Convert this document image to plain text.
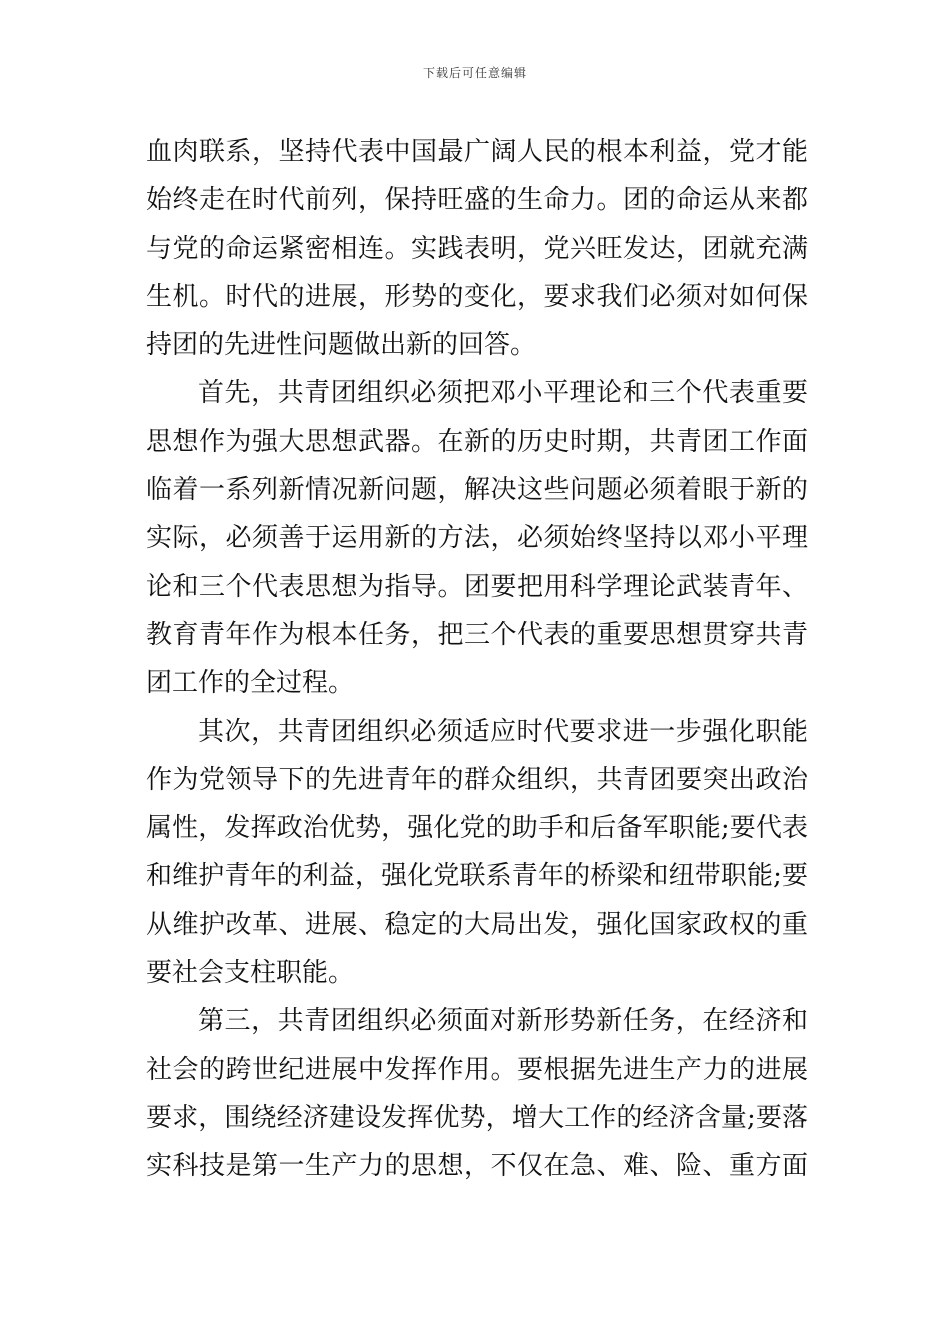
下载后可任意编辑
血肉联系，坚持代表中国最广阔人民的根本利益，党才能
始终走在时代前列，保持旺盛的生命力。团的命运从来都
与党的命运紧密相连。实践表明，党兴旺发达，团就充满
生机。时代的进展，形势的变化，要求我们必须对如何保
持团的先进性问题做出新的回答。
首先，共青团组织必须把邓小平理论和三个代表重要
思想作为强大思想武器。在新的历史时期，共青团工作面
临着一系列新情况新问题，解决这些问题必须着眼于新的
实际，必须善于运用新的方法，必须始终坚持以邓小平理
论和三个代表思想为指导。团要把用科学理论武装青年、
教育青年作为根本任务，把三个代表的重要思想贯穿共青
团工作的全过程。
其次，共青团组织必须适应时代要求进一步强化职能
作为党领导下的先进青年的群众组织，共青团要突出政治
属性，发挥政治优势，强化党的助手和后备军职能;要代表
和维护青年的利益，强化党联系青年的桥梁和纽带职能;要
从维护改革、进展、稳定的大局出发，强化国家政权的重
要社会支柱职能。
第三，共青团组织必须面对新形势新任务，在经济和
社会的跨世纪进展中发挥作用。要根据先进生产力的进展
要求，围绕经济建设发挥优势，增大工作的经济含量;要落
实科技是第一生产力的思想，不仅在急、难、险、重方面
